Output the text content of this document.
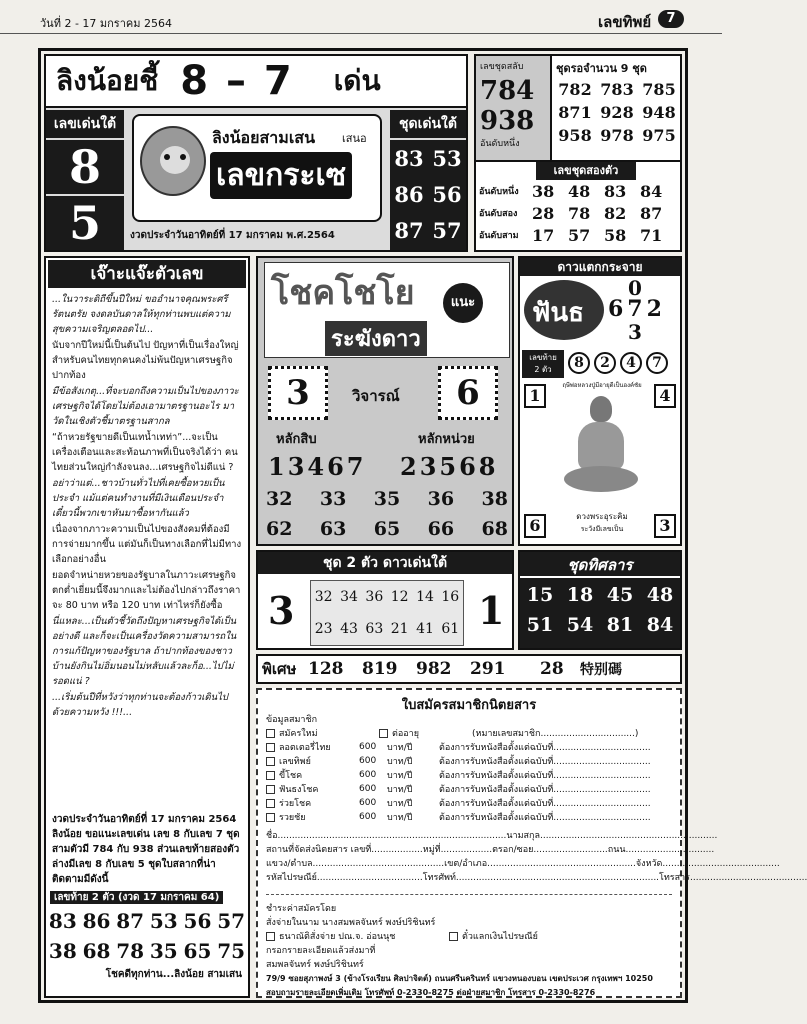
วันที่ 2 - 17 มกราคม 2564	เลขทิพย์	7
ลิงน้อยชี้ 8 – 7 เด่น
เลขเด่นใต้
8
5
ลิงน้อยสามเสน เสนอ
เลขกระเซ
งวดประจำวันอาทิตย์ที่ 17 มกราคม พ.ศ.2564
ชุดเด่นใต้
83 53
86 56
87 57
เลขชุดสลับ
784
938
อันดับหนึ่ง
ชุดรอจำนวน 9 ชุด
782 783 785
871 928 948
958 978 975
เลขชุดสองตัว
อันดับหนึ่ง 38 48 83 84
อันดับสอง 28 78 82 87
อันดับสาม 17 57 58 71
เจ๊าะแจ๊ะตัวเลข

...ในวาระดิถีขึ้นปีใหม่ ขออำนาจคุณพระศรีรัตนตรัย จงดลบันดาลให้ทุกท่านพบแต่ความสุขความเจริญตลอดไป...

นับจากปีใหม่นี้เป็นต้นไป ปัญหาที่เป็นเรื่องใหญ่สำหรับคนไทยทุกคนคงไม่พ้นปัญหาเศรษฐกิจปากท้อง

มีข้อสังเกตุ...ที่จะบอกถึงความเป็นไปของภาวะเศรษฐกิจได้โดยไม่ต้องเอามาตรฐานอะไร มาวัดในเชิงตัวชี้มาตรฐานสากล

“ถ้าหวยรัฐขายดีเป็นเทน้ำเทท่า”...จะเป็นเครื่องเตือนและสะท้อนภาพที่เป็นจริงได้ว่า คนไทยส่วนใหญ่กำลังจนลง...เศรษฐกิจไม่ดีแน่ ?

อย่าว่าแต่...ชาวบ้านทั่วไปที่เคยซื้อหวยเป็นประจำ แม้แต่คนทำงานที่มีเงินเดือนประจำ เดี๋ยวนี้พวกเขาหันมาซื้อหากันแล้ว

เนื่องจากภาวะความเป็นไปของสังคมที่ต้องมีการจ่ายมากขึ้น แต่มันก็เป็นทางเลือกที่ไม่มีทางเลือกอย่างอื่น

ยอดจำหน่ายหวยของรัฐบาลในภาวะเศรษฐกิจตกต่ำเยี่ยมนี้จึงมากและไม่ต้องไปกล่าวถึงราคาจะ 80 บาท หรือ 120 บาท เท่าไหร่ก็ยังซื้อ

นี่แหละ...เป็นตัวชี้วัดถึงปัญหาเศรษฐกิจได้เป็นอย่างดี และก็จะเป็นเครื่องวัดความสามารถในการแก้ปัญหาของรัฐบาล ถ้าปากท้องของชาวบ้านยังกินไม่อิ่มนอนไม่หลับแล้วละก็อ...ไปไม่รอดแน่ ?

...เริ่มต้นปีที่หวังว่าทุกท่านจะต้องก้าวเดินไปด้วยความหวัง !!!...

งวดประจำวันอาทิตย์ที่ 17 มกราคม 2564 ลิงน้อย ขอแนะเลขเด่น เลข 8 กับเลข 7 ชุดสามตัวมี 784 กับ 938 ส่วนเลขท้ายสองตัวล่างมีเลข 8 กับเลข 5 ชุดใบสลากที่น่าติดตามมีดังนี้
เลขท้าย 2 ตัว (งวด 17 มกราคม 64)
83 86 87 53 56 57
38 68 78 35 65 75
โชคดีทุกท่าน...ลิงน้อย สามเสน
โชคโชโย	แนะ
ระฆังดาว
3	วิจารณ์	6
หลักสิบ	หลักหน่วย
13467 23568
32 33 35 36 38
62 63 65 66 68
ดาวแตกกระจาย
ฟันธ
0
672
3
เลขท้าย
2 ตัว	8	2	4	7
ฤษีพ่อหลวงปู่มีอายุดีเป็นองค์ชัย
1	4
6	3
ดวงพระอุระคิม
ระวังมีเลขเป็น
ชุด 2 ตัว ดาวเด่นใต้
3 32 34 36 12 14 16
23 43 63 21 41 61 1
ชุดทิศลาร
15 18 45 48
51 54 81 84
พิเศษ 128	819	982	291	28	特别碼
ใบสมัครสมาชิกนิตยสาร
ข้อมูลสมาชิก
สมัครใหม่	ต่ออายุ	(หมายเลขสมาชิก.................................)
ลอตเตอรี่ไทย	600	บาท/ปี	ต้องการรับหนังสือตั้งแต่ฉบับที่..................................
เลขทิพย์	600	บาท/ปี	ต้องการรับหนังสือตั้งแต่ฉบับที่..................................
ขี้โชค	600	บาท/ปี	ต้องการรับหนังสือตั้งแต่ฉบับที่..................................
ฟันธงโชค	600	บาท/ปี	ต้องการรับหนังสือตั้งแต่ฉบับที่..................................
ร่วยโชค	600	บาท/ปี	ต้องการรับหนังสือตั้งแต่ฉบับที่..................................
รวยชัย	600	บาท/ปี	ต้องการรับหนังสือตั้งแต่ฉบับที่..................................
ชื่อ................................................................................นามสกุล..............................................................
สถานที่จัดส่งนิตยสาร เลขที่..................หมู่ที่..................ตรอก/ซอย..........................ถนน...............................
แขวง/ตำบล..............................................เขต/อำเภอ....................................................จังหวัด.........................................
รหัสไปรษณีย์.....................................โทรศัพท์.......................................................................โทรสาร.........................................
ชำระค่าสมัครโดย
สั่งจ่ายในนาม นางสมพลจันทร์ พงษ์ปริชินทร์
ธนาณัติสั่งจ่าย ปณ.จ. อ่อนนุช	ตั๋วแลกเงินไปรษณีย์
กรอกรายละเอียดแล้วส่งมาที่
สมพลจันทร์ พงษ์ปริชินทร์
79/9 ซอยสุภาพงษ์ 3 (ข้างโรงเรียน ศิลปาจิตต์) ถนนศรีนครินทร์ แขวงหนองบอน เขตประเวศ กรุงเทพฯ 10250
สอบถามรายละเอียดเพิ่มเติม โทรศัพท์ 0-2330-8275 ต่อฝ่ายสมาชิก โทรสาร 0-2330-8276
